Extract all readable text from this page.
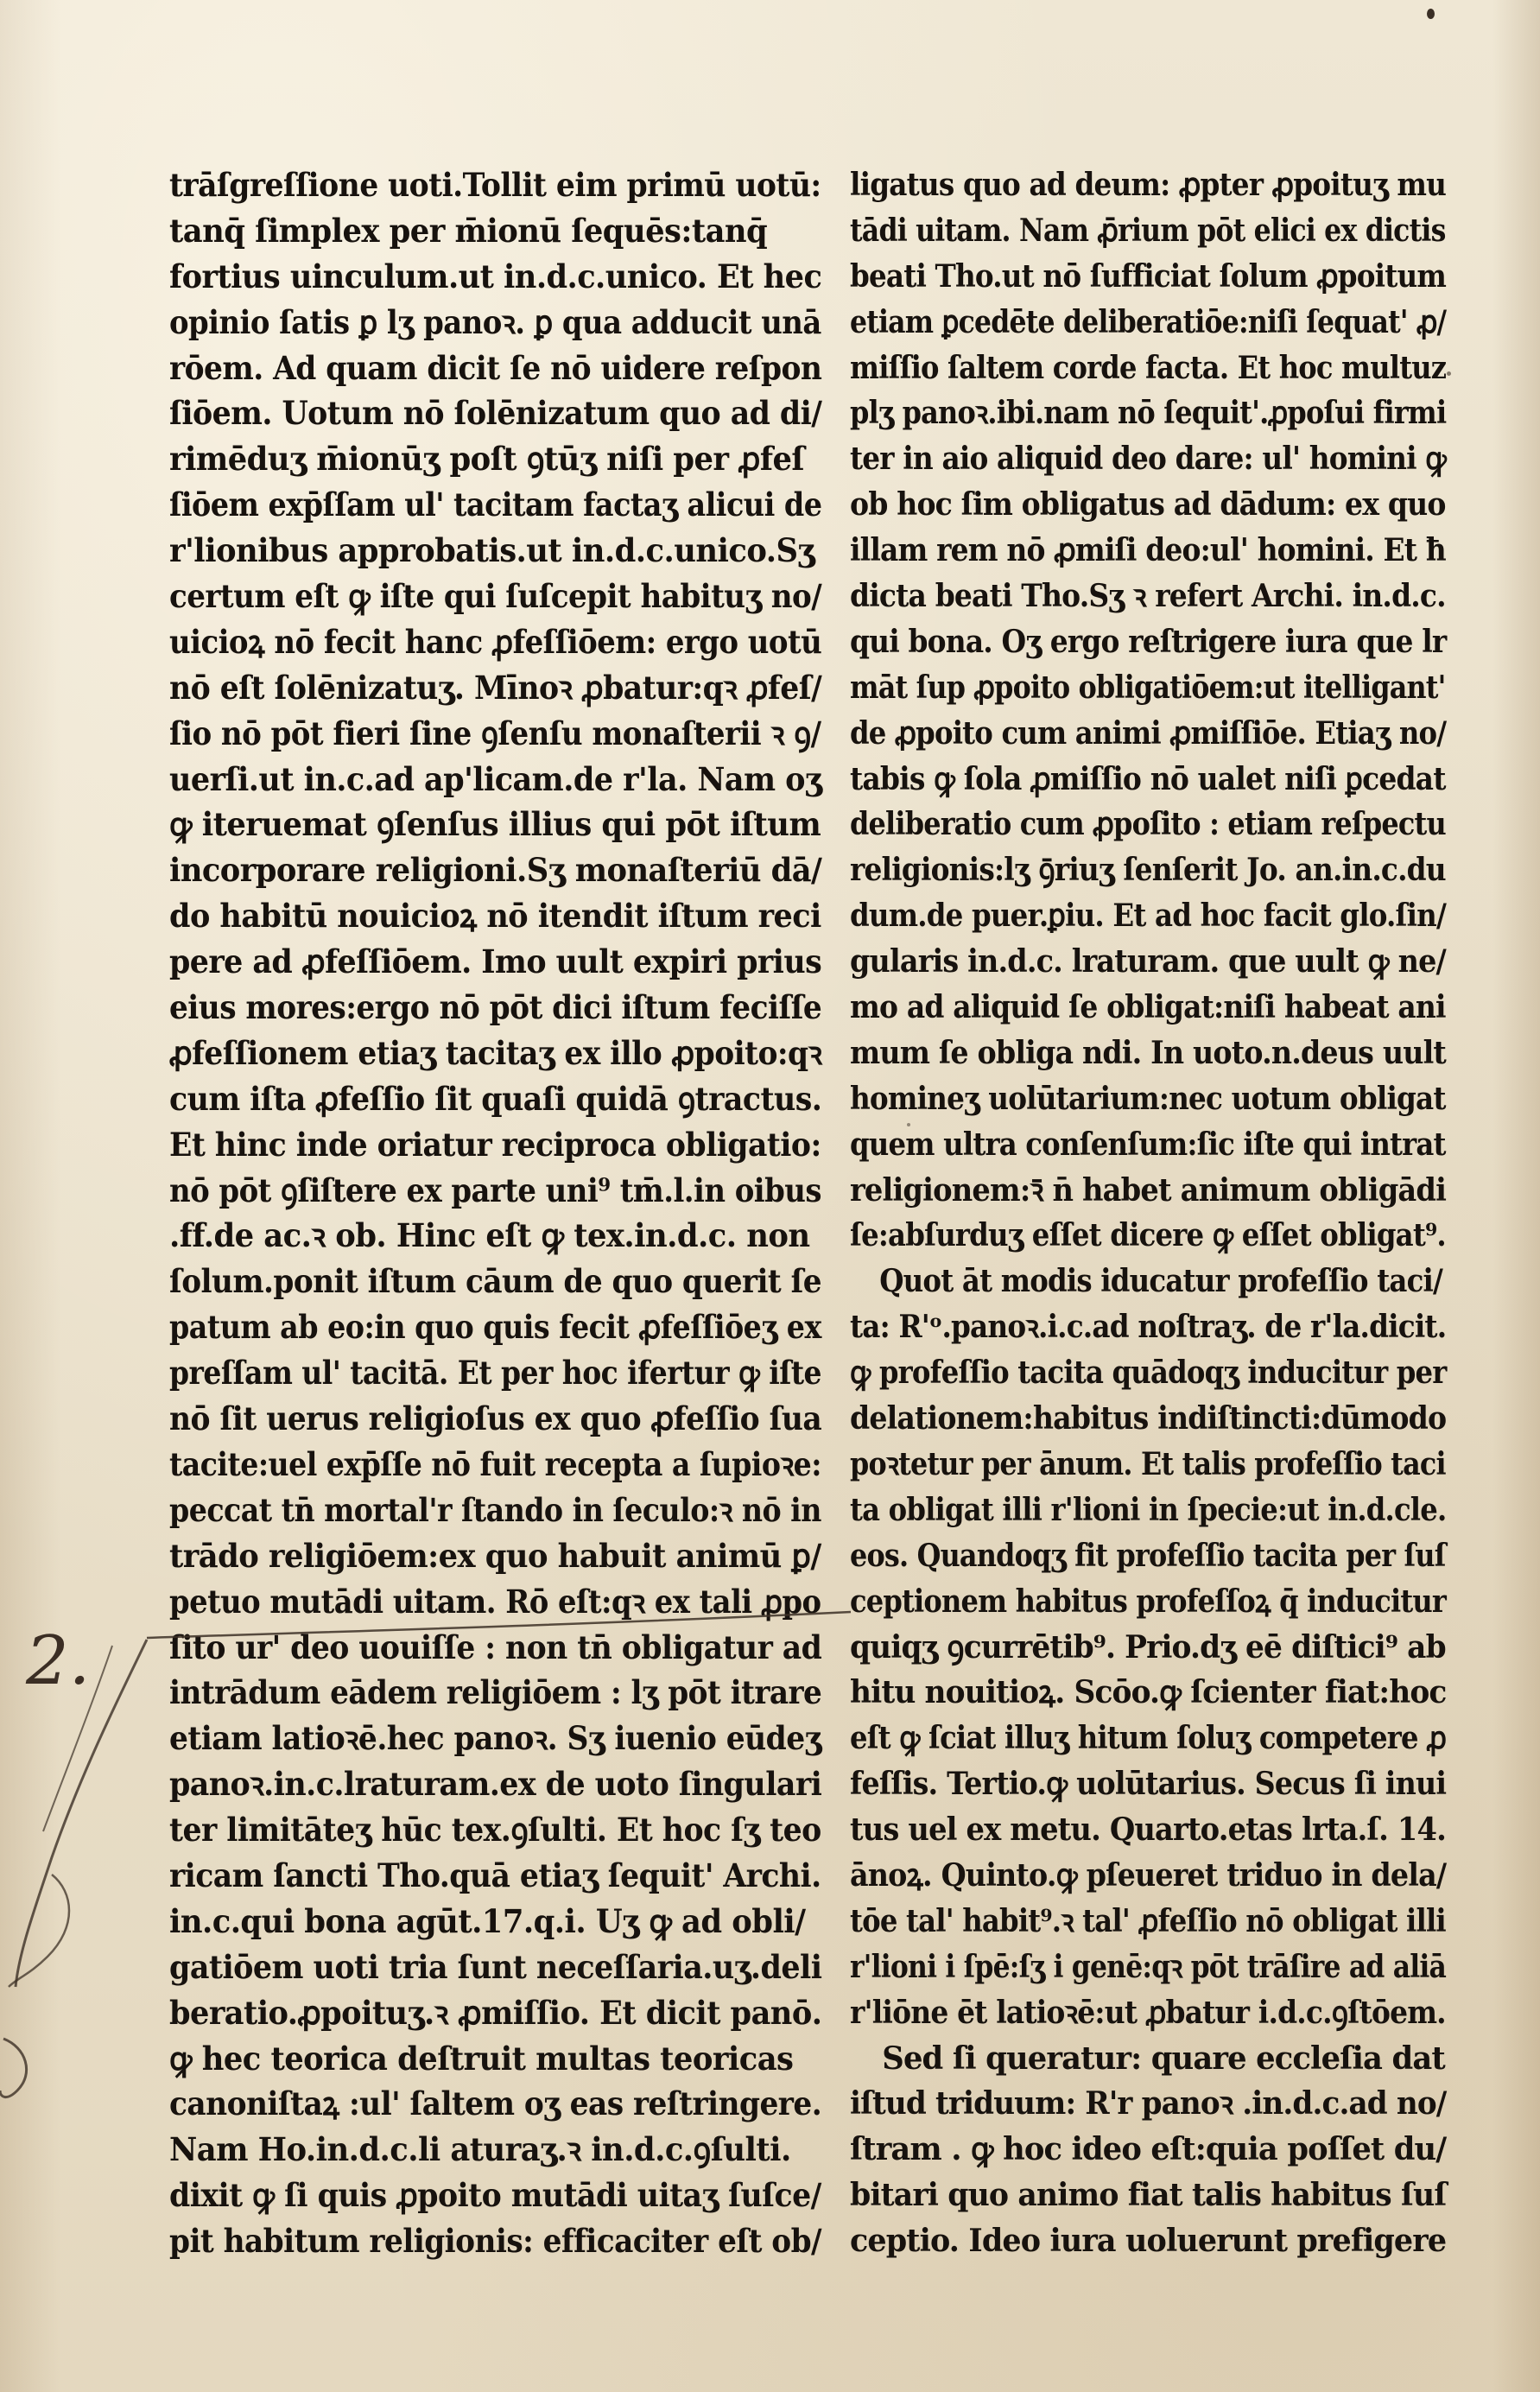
trāſgreſſione uoti.Tollit eim primū uotū:
tanq̄ ſimplex per m̄ionū ſequēs:tanq̄
fortius uinculum.ut in.d.c.unico. Et hec
opinio ſatis ꝑ lʒ panoꝛ. ꝑ qua adducit unā
rōem. Ad quam dicit ſe nō uidere reſpon
ſiōem. Uotum nō ſolēnizatum quo ad di/
rimēduʒ m̄ionūʒ poſt ꝯtūʒ niſi per ꝓfeſ
ſiōem exp̄ſſam ul' tacitam factaʒ alicui de
r'lionibus approbatis.ut in.d.c.unico.Sʒ
certum eſt ꝙ iſte qui ſuſcepit habituʒ no/
uicioꝝ nō fecit hanc ꝓfeſſiōem: ergo uotū
nō eſt ſolēnizatuʒ. Mīnoꝛ ꝓbatur:qꝛ ꝓfeſ/
ſio nō pōt fieri ſine ꝯſenſu monaſterii ꝛ ꝯ/
uerſi.ut in.c.ad ap'licam.de r'la. Nam oʒ
ꝙ iteruemat ꝯſenſus illius qui pōt iſtum
incorporare religioni.Sʒ monaſteriū dā/
do habitū nouicioꝝ nō itendit iſtum reci
pere ad ꝓfeſſiōem. Imo uult expiri prius
eius mores:ergo nō pōt dici iſtum feciſſe
ꝓfeſſionem etiaʒ tacitaʒ ex illo ꝓpoito:qꝛ
cum iſta ꝓfeſſio ſit quaſi quidā ꝯtractus.
Et hinc inde oriatur reciproca obligatio:
nō pōt ꝯſiſtere ex parte uni⁹ tm̄.l.in oibus
.ff.de ac.ꝛ ob. Hinc eſt ꝙ tex.in.d.c. non
ſolum.ponit iſtum cāum de quo querit ſe
patum ab eo:in quo quis fecit ꝓfeſſiōeʒ ex
preſſam ul' tacitā. Et per hoc ifertur ꝙ iſte
nō ſit uerus religioſus ex quo ꝓfeſſio ſua
tacite:uel exp̄ſſe nō fuit recepta a ſupioꝛe:
peccat tn̄ mortal'r ſtando in ſeculo:ꝛ nō in
trādo religiōem:ex quo habuit animū ꝑ/
petuo mutādi uitam. Rō eſt:qꝛ ex tali ꝓpo
ſito ur' deo uouiſſe : non tn̄ obligatur ad
intrādum eādem religiōem : lʒ pōt itrare
etiam latioꝛē.hec panoꝛ. Sʒ iuenio eūdeʒ
panoꝛ.in.c.lraturam.ex de uoto ſingulari
ter limitāteʒ hūc tex.ꝯſulti. Et hoc ſʒ teo
ricam ſancti Tho.quā etiaʒ ſequit' Archi.
in.c.qui bona agūt.17.q.i. Uʒ ꝙ ad obli/
gatiōem uoti tria ſunt neceſſaria.uʒ.deli
beratio.ꝓpoituʒ.ꝛ ꝓmiſſio. Et dicit panō.
ꝙ hec teorica deſtruit multas teoricas
canoniſtaꝝ :ul' ſaltem oʒ eas reſtringere.
Nam Ho.in.d.c.li aturaʒ.ꝛ in.d.c.ꝯſulti.
dixit ꝙ ſi quis ꝓpoito mutādi uitaʒ ſuſce/
pit habitum religionis: efficaciter eſt ob/
ligatus quo ad deum: ꝓpter ꝓpoituʒ mu
tādi uitam. Nam ꝓ̄rium pōt elici ex dictis
beati Tho.ut nō ſufficiat ſolum ꝓpoitum
etiam ꝑcedēte deliberatiōe:niſi ſequat' ꝓ/
miſſio ſaltem corde facta. Et hoc multuz
plʒ panoꝛ.ibi.nam nō ſequit'.ꝓpoſui firmi
ter in aio aliquid deo dare: ul' homini ꝙ
ob hoc ſim obligatus ad dādum: ex quo
illam rem nō ꝓmiſi deo:ul' homini. Et ħ
dicta beati Tho.Sʒ ꝛ refert Archi. in.d.c.
qui bona. Oʒ ergo reſtrigere iura que lr
māt ſup ꝓpoito obligatiōem:ut itelligant'
de ꝓpoito cum animi ꝓmiſſiōe. Etiaʒ no/
tabis ꝙ ſola ꝓmiſſio nō ualet niſi ꝑcedat
deliberatio cum ꝓpoſito : etiam reſpectu
religionis:lʒ ꝯ̄riuʒ ſenſerit Jo. an.in.c.du
dum.de puer.ꝑiu. Et ad hoc facit glo.ſin/
gularis in.d.c. lraturam. que uult ꝙ ne/
mo ad aliquid ſe obligat:niſi habeat ani
mum ſe obliga ndi. In uoto.n.deus uult
homineʒ uolūtarium:nec uotum obligat
quem ultra conſenſum:ſic iſte qui intrat
religionem:ꝛ̄ n̄ habet animum obligādi
ſe:abſurduʒ eſſet dicere ꝙ eſſet obligat⁹.
Quot āt modis iducatur profeſſio taci/
ta: R'ᵒ.panoꝛ.i.c.ad noſtraʒ. de r'la.dicit.
ꝙ profeſſio tacita quādoqʒ inducitur per
delationem:habitus indiſtincti:dūmodo
poꝛtetur per ānum. Et talis profeſſio taci
ta obligat illi r'lioni in ſpecie:ut in.d.cle.
eos. Quandoqʒ fit profeſſio tacita per ſuſ
ceptionem habitus profeſſoꝝ q̄ inducitur
quiqʒ ꝯcurrētib⁹. Prio.dʒ eē diſtici⁹ ab
hitu nouitioꝝ. Scōo.ꝙ ſcienter fiat:hoc
eſt ꝙ ſciat illuʒ hitum ſoluʒ competere ꝓ
feſſis. Tertio.ꝙ uolūtarius. Secus ſi inui
tus uel ex metu. Quarto.etas lrta.ſ. 14.
ānoꝝ. Quinto.ꝙ pſeueret triduo in dela/
tōe tal' habit⁹.ꝛ tal' ꝓfeſſio nō obligat illi
r'lioni i ſpē:ſʒ i genē:qꝛ pōt trāſire ad aliā
r'liōne ēt latioꝛē:ut ꝓbatur i.d.c.ꝯſtōem.
Sed ſi queratur: quare eccleſia dat
iſtud triduum: R'r panoꝛ .in.d.c.ad no/
ſtram . ꝙ hoc ideo eſt:quia poſſet du/
bitari quo animo fiat talis habitus ſuſ
ceptio. Ideo iura uoluerunt prefigere
2.
